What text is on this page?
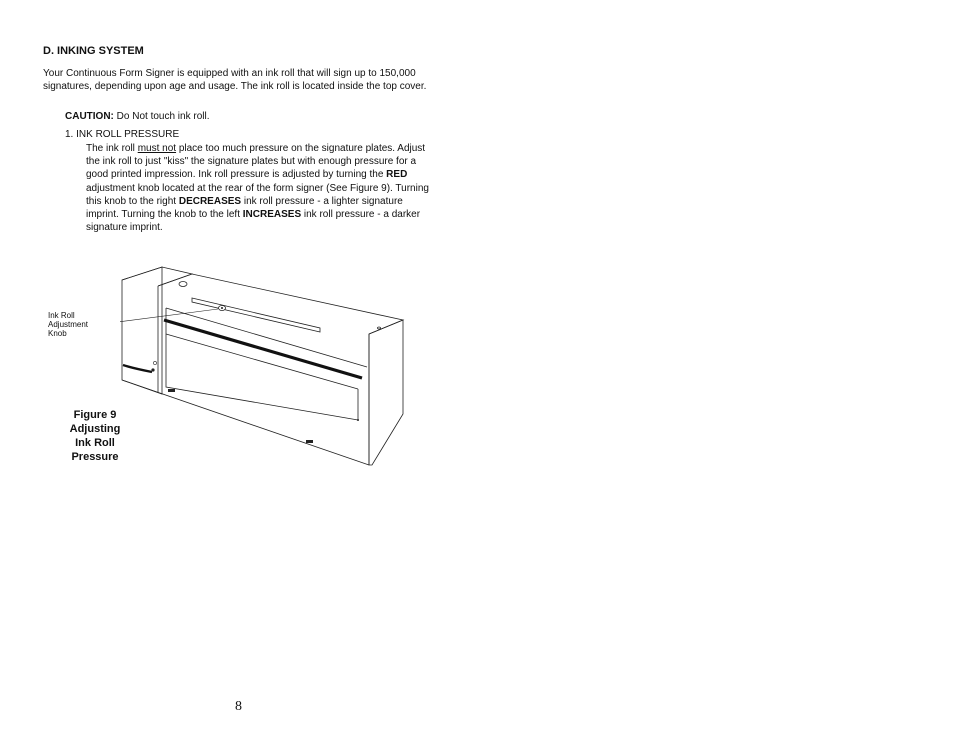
D. INKING SYSTEM
Your Continuous Form Signer is equipped with an ink roll that will sign up to 150,000 signatures, depending upon age and usage. The ink roll is located inside the top cover.
CAUTION: Do Not touch ink roll.
1. INK ROLL PRESSURE
The ink roll must not place too much pressure on the signature plates. Adjust the ink roll to just "kiss" the signature plates but with enough pressure for a good printed impression. Ink roll pressure is adjusted by turning the RED adjustment knob located at the rear of the form signer (See Figure 9). Turning this knob to the right DECREASES ink roll pressure - a lighter signature imprint. Turning the knob to the left INCREASES ink roll pressure - a darker signature imprint.
Ink Roll
Adjustment
Knob
Figure 9
Adjusting
Ink Roll
Pressure
8
